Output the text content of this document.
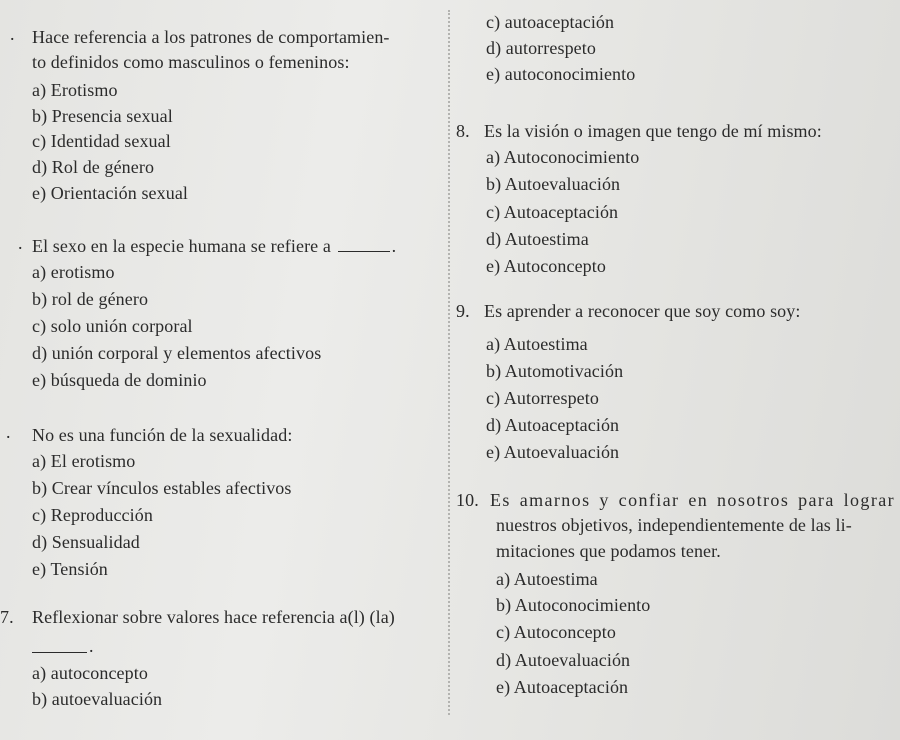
. Hace referencia a los patrones de comportamien-
to definidos como masculinos o femeninos:
a) Erotismo
b) Presencia sexual
c) Identidad sexual
d) Rol de género
e) Orientación sexual
. El sexo en la especie humana se refiere a	.
a) erotismo
b) rol de género
c) solo unión corporal
d) unión corporal y elementos afectivos
e) búsqueda de dominio
. No es una función de la sexualidad:
a) El erotismo
b) Crear vínculos estables afectivos
c) Reproducción
d) Sensualidad
e) Tensión
7. Reflexionar sobre valores hace referencia a(l) (la)
.
a) autoconcepto
b) autoevaluación
c) autoaceptación
d) autorrespeto
e) autoconocimiento
8. Es la visión o imagen que tengo de mí mismo:
a) Autoconocimiento
b) Autoevaluación
c) Autoaceptación
d) Autoestima
e) Autoconcepto
9. Es aprender a reconocer que soy como soy:
a) Autoestima
b) Automotivación
c) Autorrespeto
d) Autoaceptación
e) Autoevaluación
10. Es amarnos y confiar en nosotros para lograr
nuestros objetivos, independientemente de las li-
mitaciones que podamos tener.
a) Autoestima
b) Autoconocimiento
c) Autoconcepto
d) Autoevaluación
e) Autoaceptación
